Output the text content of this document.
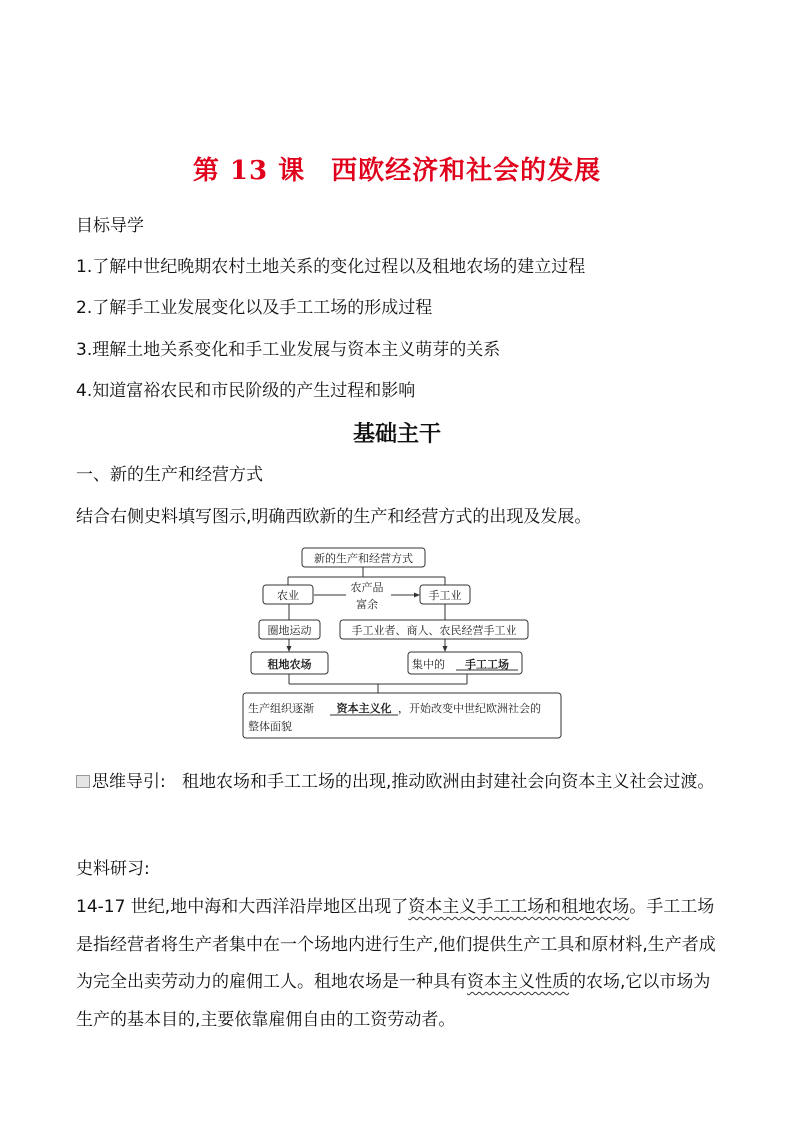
第 13 课 西欧经济和社会的发展
目标导学
1.了解中世纪晚期农村土地关系的变化过程以及租地农场的建立过程
2.了解手工业发展变化以及手工工场的形成过程
3.理解土地关系变化和手工业发展与资本主义萌芽的关系
4.知道富裕农民和市民阶级的产生过程和影响
基础主干
一、新的生产和经营方式
结合右侧史料填写图示,明确西欧新的生产和经营方式的出现及发展。
新的生产和经营方式
农业	手工业
农产品
富余
圈地运动	手工业者、商人、农民经营手工业
租地农场	集中的 手工工场
生产组织逐渐 资本主义化 ，开始改变中世纪欧洲社会的
整体面貌
思维导引: 租地农场和手工工场的出现,推动欧洲由封建社会向资本主义社会过渡。
史料研习:
14-17 世纪,地中海和大西洋沿岸地区出现了资本主义手工工场和租地农场。手工工场是指经营者将生产者集中在一个场地内进行生产,他们提供生产工具和原材料,生产者成为完全出卖劳动力的雇佣工人。租地农场是一种具有资本主义性质的农场,它以市场为生产的基本目的,主要依靠雇佣自由的工资劳动者。
